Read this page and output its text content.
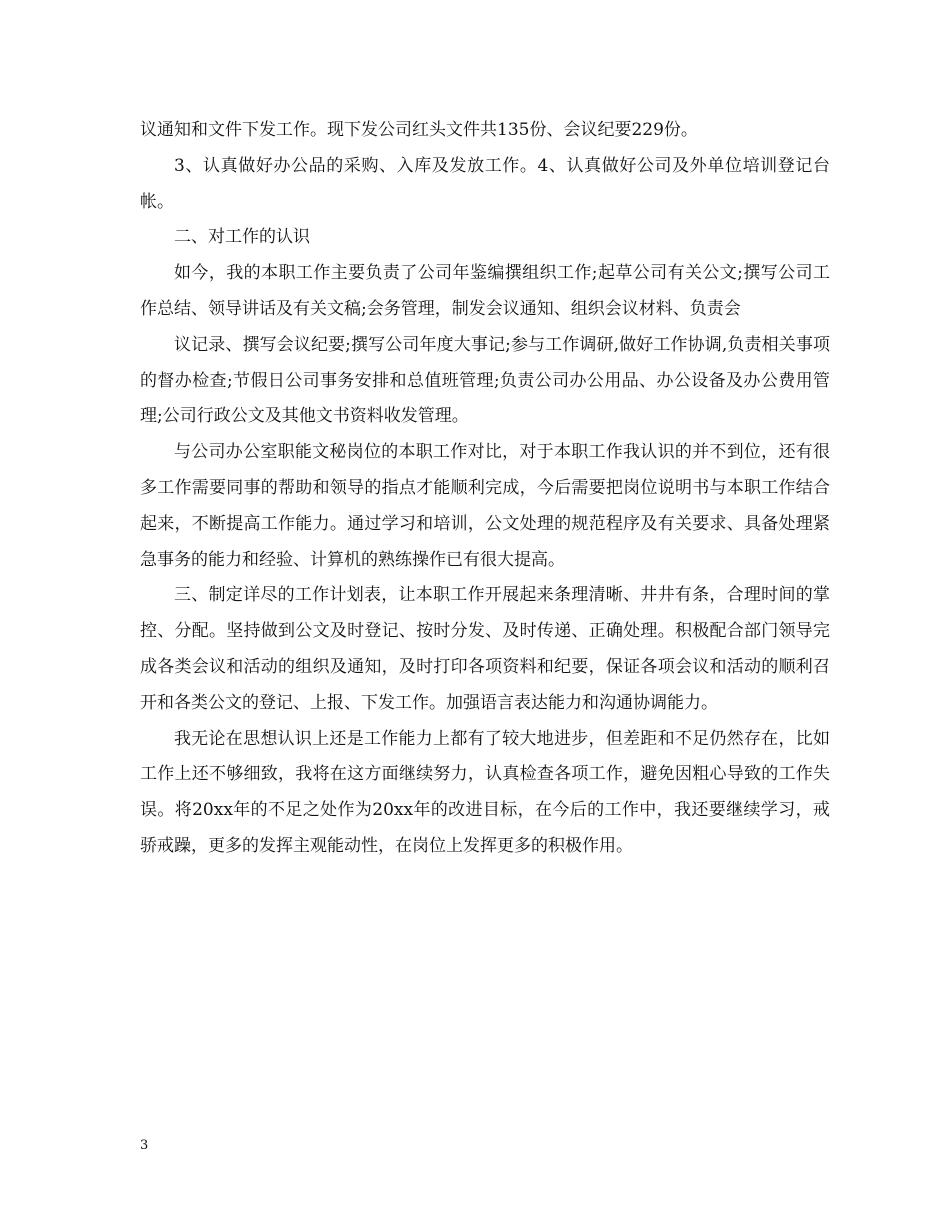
议通知和文件下发工作。现下发公司红头文件共135份、会议纪要229份。

3、认真做好办公品的采购、入库及发放工作。4、认真做好公司及外单位培训登记台帐。

二、对工作的认识

如今，我的本职工作主要负责了公司年鉴编撰组织工作;起草公司有关公文;撰写公司工作总结、领导讲话及有关文稿;会务管理，制发会议通知、组织会议材料、负责会

议记录、撰写会议纪要;撰写公司年度大事记;参与工作调研,做好工作协调,负责相关事项的督办检查;节假日公司事务安排和总值班管理;负责公司办公用品、办公设备及办公费用管理;公司行政公文及其他文书资料收发管理。

与公司办公室职能文秘岗位的本职工作对比，对于本职工作我认识的并不到位，还有很多工作需要同事的帮助和领导的指点才能顺利完成，今后需要把岗位说明书与本职工作结合起来，不断提高工作能力。通过学习和培训，公文处理的规范程序及有关要求、具备处理紧急事务的能力和经验、计算机的熟练操作已有很大提高。

三、制定详尽的工作计划表，让本职工作开展起来条理清晰、井井有条，合理时间的掌控、分配。坚持做到公文及时登记、按时分发、及时传递、正确处理。积极配合部门领导完成各类会议和活动的组织及通知，及时打印各项资料和纪要，保证各项会议和活动的顺利召开和各类公文的登记、上报、下发工作。加强语言表达能力和沟通协调能力。

我无论在思想认识上还是工作能力上都有了较大地进步，但差距和不足仍然存在，比如工作上还不够细致，我将在这方面继续努力，认真检查各项工作，避免因粗心导致的工作失误。将20xx年的不足之处作为20xx年的改进目标，在今后的工作中，我还要继续学习，戒骄戒躁，更多的发挥主观能动性，在岗位上发挥更多的积极作用。

3
